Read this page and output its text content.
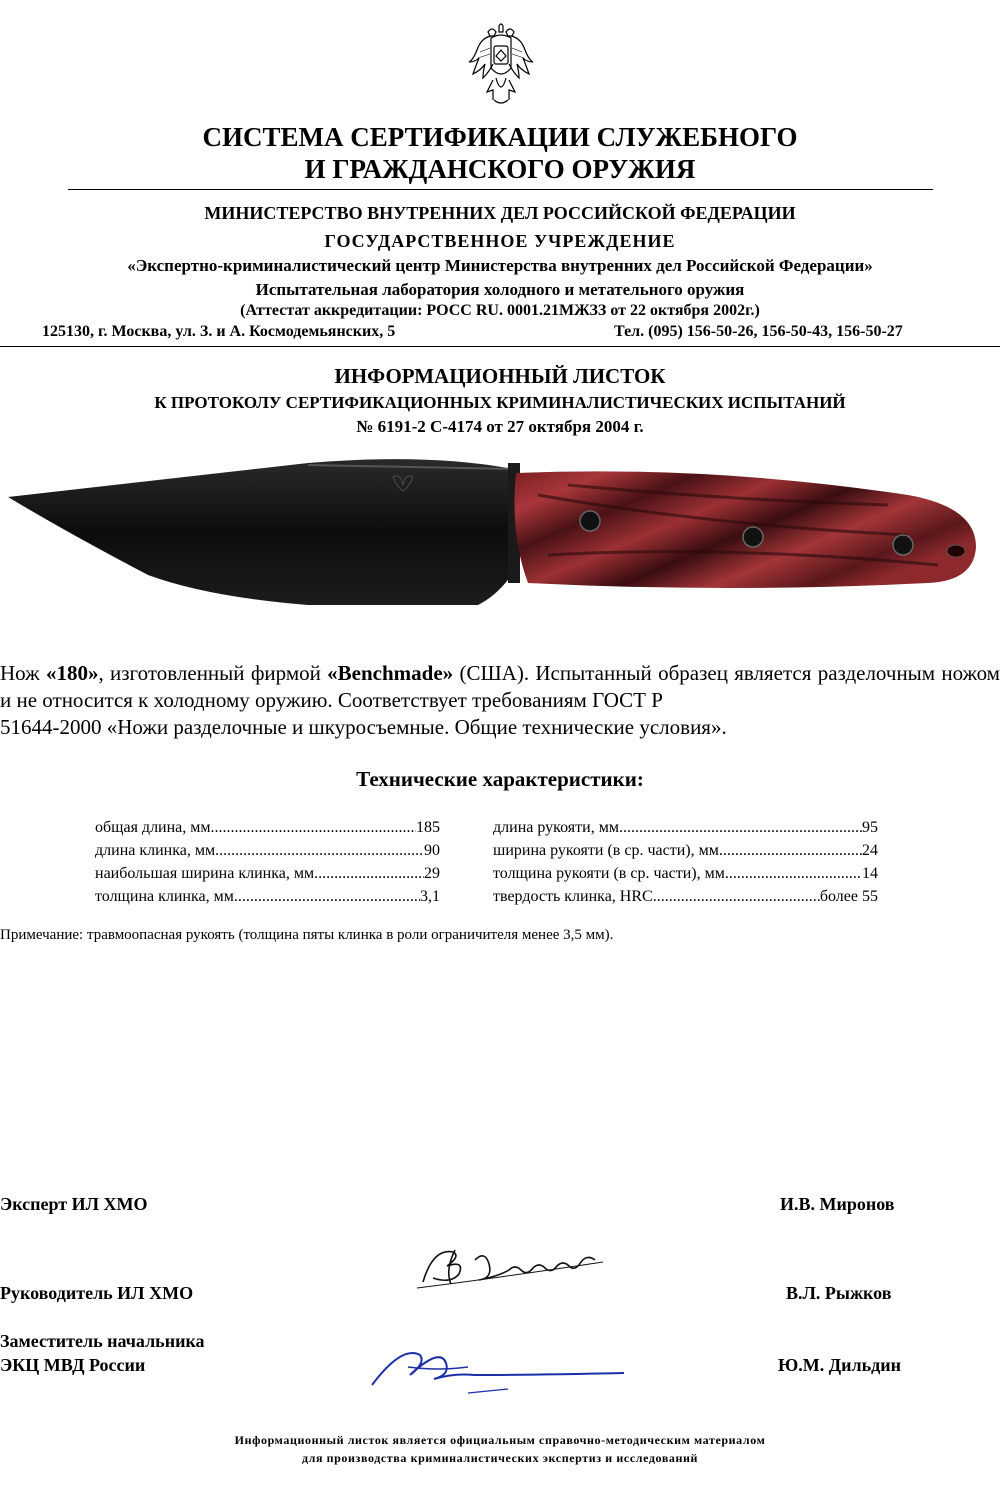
СИСТЕМА СЕРТИФИКАЦИИ СЛУЖЕБНОГО
И ГРАЖДАНСКОГО ОРУЖИЯ
МИНИСТЕРСТВО ВНУТРЕННИХ ДЕЛ РОССИЙСКОЙ ФЕДЕРАЦИИ
ГОСУДАРСТВЕННОЕ УЧРЕЖДЕНИЕ
«Экспертно-криминалистический центр Министерства внутренних дел Российской Федерации»
Испытательная лаборатория холодного и метательного оружия
(Аттестат аккредитации: РОСС RU. 0001.21МЖЗЗ от 22 октября 2002г.)
125130, г. Москва, ул. З. и А. Космодемьянских, 5	Тел. (095) 156-50-26, 156-50-43, 156-50-27
ИНФОРМАЦИОННЫЙ ЛИСТОК
К ПРОТОКОЛУ СЕРТИФИКАЦИОННЫХ КРИМИНАЛИСТИЧЕСКИХ ИСПЫТАНИЙ
№ 6191-2 С-4174 от 27 октября 2004 г.
Нож «180», изготовленный фирмой «Benchmade» (США). Испытанный образец является разделочным ножом и не относится к холодному оружию. Соответствует требованиям ГОСТ Р
51644-2000 «Ножи разделочные и шкуросъемные. Общие технические условия».
Технические характеристики:
общая длина, мм .....	185
длина клинка, мм .....	90
наибольшая ширина клинка, мм .....	29
толщина клинка, мм .....	3,1
длина рукояти, мм .....	95
ширина рукояти (в ср. части), мм .....	24
толщина рукояти (в ср. части), мм .....	14
твердость клинка, HRC .....	более 55
Примечание: травмоопасная рукоять (толщина пяты клинка в роли ограничителя менее 3,5 мм).
Эксперт ИЛ ХМО	И.В. Миронов
Руководитель ИЛ ХМО	В.Л. Рыжков
Заместитель начальника
ЭКЦ МВД России	Ю.М. Дильдин
Информационный листок является официальным справочно-методическим материалом
для производства криминалистических экспертиз и исследований
